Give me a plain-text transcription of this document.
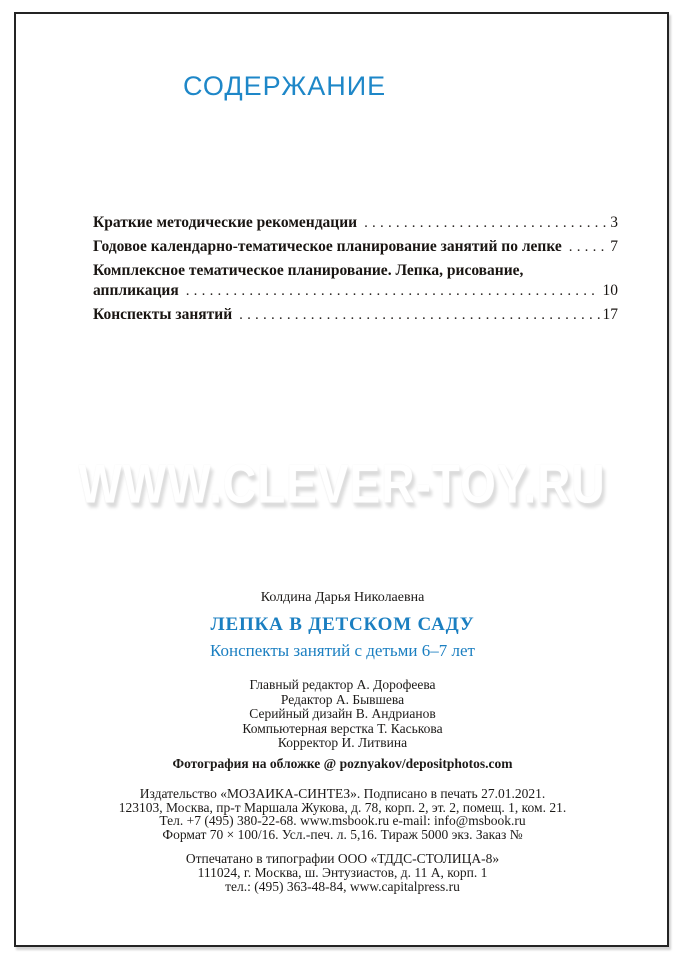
СОДЕРЖАНИЕ
Краткие методические рекомендации .....	3
Годовое календарно-тематическое планирование занятий по лепке .....	7
Комплексное тематическое планирование. Лепка, рисование,
аппликация .....	10
Конспекты занятий .....	17
WWW.CLEVER-TOY.RU
Колдина Дарья Николаевна
ЛЕПКА В ДЕТСКОМ САДУ
Конспекты занятий с детьми 6–7 лет
Главный редактор А. Дорофеева
Редактор А. Бывшева
Серийный дизайн В. Андрианов
Компьютерная верстка Т. Каськова
Корректор И. Литвина
Фотография на обложке @ poznyakov/depositphotos.com
Издательство «МОЗАИКА-СИНТЕЗ». Подписано в печать 27.01.2021.
123103, Москва, пр-т Маршала Жукова, д. 78, корп. 2, эт. 2, помещ. 1, ком. 21.
Тел. +7 (495) 380-22-68. www.msbook.ru e-mail: info@msbook.ru
Формат 70 × 100/16. Усл.-печ. л. 5,16. Тираж 5000 экз. Заказ №
Отпечатано в типографии ООО «ТДДС-СТОЛИЦА-8»
111024, г. Москва, ш. Энтузиастов, д. 11 А, корп. 1
тел.: (495) 363-48-84, www.capitalpress.ru
